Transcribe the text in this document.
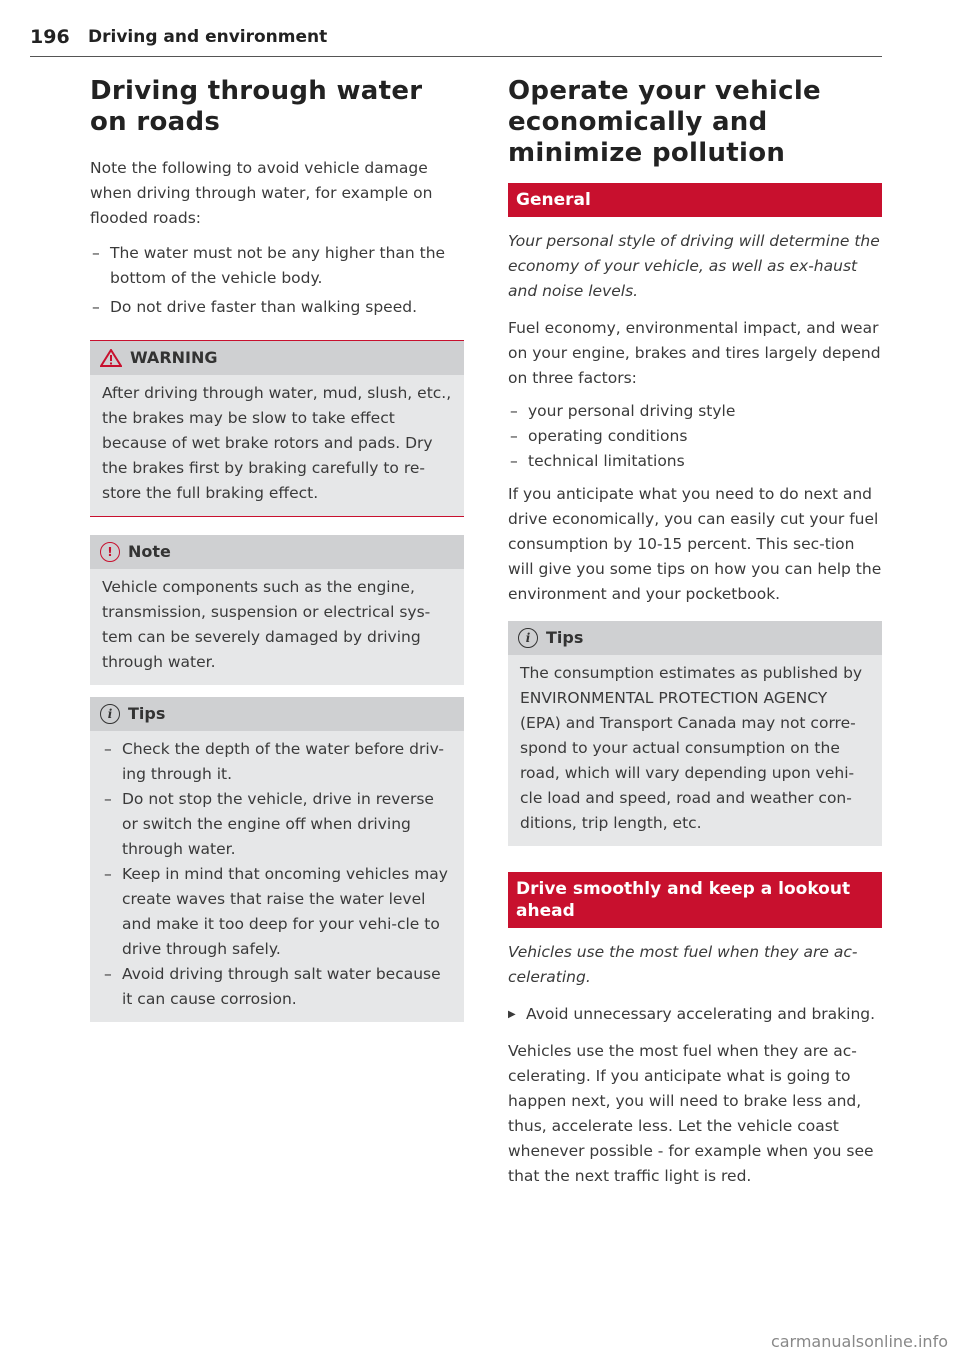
196 Driving and environment
Driving through water on roads

Note the following to avoid vehicle damage when driving through water, for example on flooded roads:

– The water must not be any higher than the bottom of the vehicle body.
– Do not drive faster than walking speed.
WARNING

After driving through water, mud, slush, etc., the brakes may be slow to take effect because of wet brake rotors and pads. Dry the brakes first by braking carefully to re-store the full braking effect.

! Note

Vehicle components such as the engine, transmission, suspension or electrical sys-tem can be severely damaged by driving through water.

i Tips
– Check the depth of the water before driv-ing through it.
– Do not stop the vehicle, drive in reverse or switch the engine off when driving through water.
– Keep in mind that oncoming vehicles may create waves that raise the water level and make it too deep for your vehi-cle to drive through safely.
– Avoid driving through salt water because it can cause corrosion.
Operate your vehicle economically and minimize pollution
General

Your personal style of driving will determine the economy of your vehicle, as well as ex-haust and noise levels.

Fuel economy, environmental impact, and wear on your engine, brakes and tires largely depend on three factors:

– your personal driving style
– operating conditions
– technical limitations

If you anticipate what you need to do next and drive economically, you can easily cut your fuel consumption by 10-15 percent. This sec-tion will give you some tips on how you can help the environment and your pocketbook.

i Tips

The consumption estimates as published by ENVIRONMENTAL PROTECTION AGENCY (EPA) and Transport Canada may not corre-spond to your actual consumption on the road, which will vary depending upon vehi-cle load and speed, road and weather con-ditions, trip length, etc.

Drive smoothly and keep a lookout ahead

Vehicles use the most fuel when they are ac-celerating.

▶ Avoid unnecessary accelerating and braking.

Vehicles use the most fuel when they are ac-celerating. If you anticipate what is going to happen next, you will need to brake less and, thus, accelerate less. Let the vehicle coast whenever possible - for example when you see that the next traffic light is red.

carmanualsonline.info
